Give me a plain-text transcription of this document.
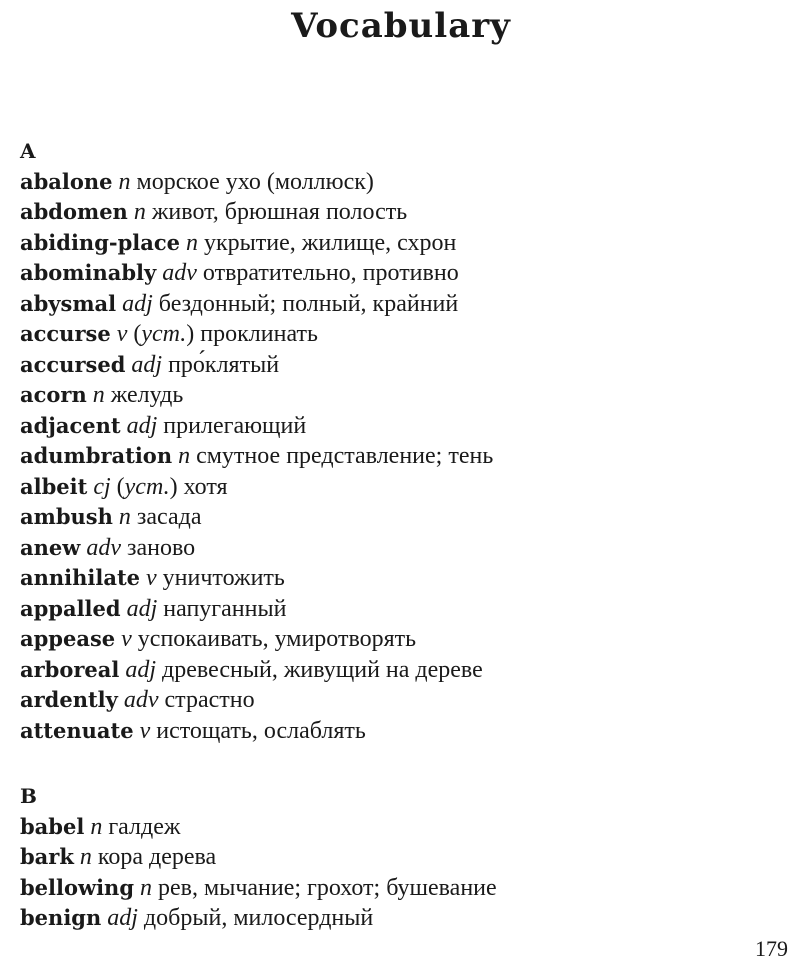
Vocabulary
A
abalone n морское ухо (моллюск)
abdomen n живот, брюшная полость
abiding-place n укрытие, жилище, схрон
abominably adv отвратительно, противно
abysmal adj бездонный; полный, крайний
accurse v (уст.) проклинать
accursed adj про́клятый
acorn n желудь
adjacent adj прилегающий
adumbration n смутное представление; тень
albeit cj (уст.) хотя
ambush n засада
anew adv заново
annihilate v уничтожить
appalled adj напуганный
appease v успокаивать, умиротворять
arboreal adj древесный, живущий на дереве
ardently adv страстно
attenuate v истощать, ослаблять
B
babel n галдеж
bark n кора дерева
bellowing n рев, мычание; грохот; бушевание
benign adj добрый, милосердный
179
